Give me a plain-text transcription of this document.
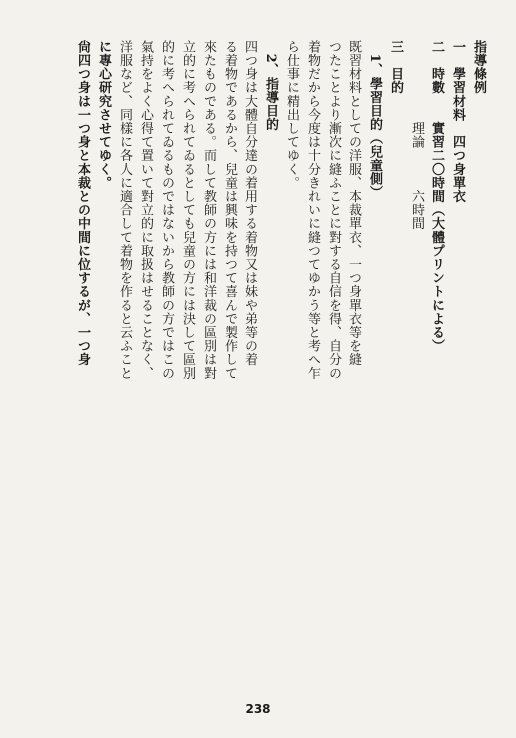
238
指導條例
一　學習材料　四つ身單衣
二　時數　　實習二〇時間（大體プリントによる）
　　　　　　理論　　　六時間
三　目的
　1、學習目的（兒童側）
既習材料としての洋服、本裁單衣、一つ身單衣等を縫
つたことより漸次に縫ふことに對する自信を得、自分の
着物だから今度は十分きれいに縫つてゆかう等と考へ乍
ら仕事に精出してゆく。
　2、指導目的
四つ身は大體自分達の着用する着物又は妹や弟等の着
る着物であるから、兒童は興味を持つて喜んで製作して
來たものである。而して教師の方には和洋裁の區別は對
立的に考へられてゐるとしても兒童の方には決して區別
的に考へられてゐるものではないから教師の方ではこの
氣持をよく心得て置いて對立的に取扱はせることなく、
洋服など、同樣に各人に適合して着物を作ると云ふこと
に專心研究させてゆく。
尙四つ身は一つ身と本裁との中間に位するが、一つ身
